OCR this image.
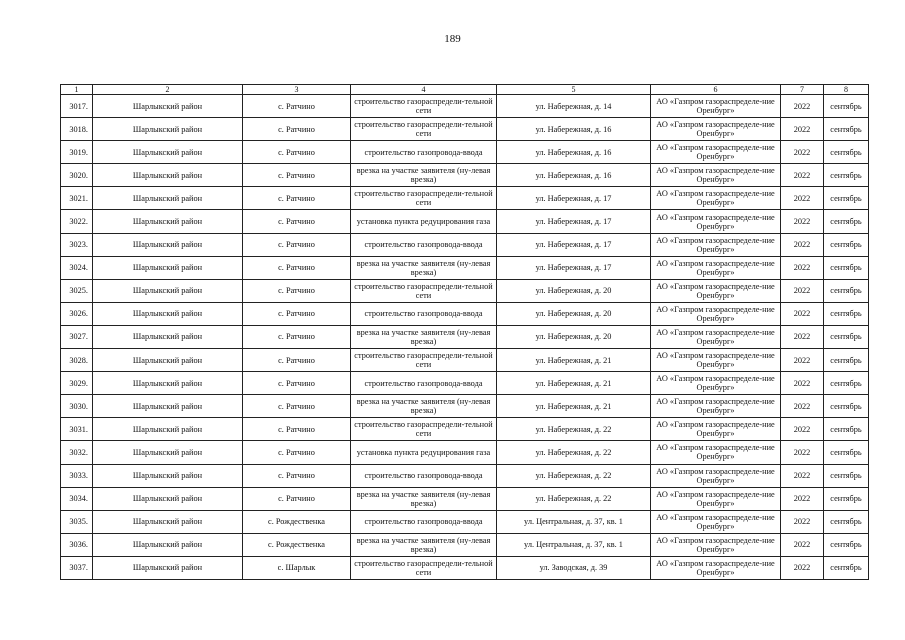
189
1	2	3	4	5	6	7	8
3017.	Шарлыкский район	с. Ратчино	строительство газораспредели-тельной сети	ул. Набережная, д. 14	АО «Газпром газораспределе-ние Оренбург»	2022	сентябрь
3018.	Шарлыкский район	с. Ратчино	строительство газораспредели-тельной сети	ул. Набережная, д. 16	АО «Газпром газораспределе-ние Оренбург»	2022	сентябрь
3019.	Шарлыкский район	с. Ратчино	строительство газопровода-ввода	ул. Набережная, д. 16	АО «Газпром газораспределе-ние Оренбург»	2022	сентябрь
3020.	Шарлыкский район	с. Ратчино	врезка на участке заявителя (ну-левая врезка)	ул. Набережная, д. 16	АО «Газпром газораспределе-ние Оренбург»	2022	сентябрь
3021.	Шарлыкский район	с. Ратчино	строительство газораспредели-тельной сети	ул. Набережная, д. 17	АО «Газпром газораспределе-ние Оренбург»	2022	сентябрь
3022.	Шарлыкский район	с. Ратчино	установка пункта редуцирования газа	ул. Набережная, д. 17	АО «Газпром газораспределе-ние Оренбург»	2022	сентябрь
3023.	Шарлыкский район	с. Ратчино	строительство газопровода-ввода	ул. Набережная, д. 17	АО «Газпром газораспределе-ние Оренбург»	2022	сентябрь
3024.	Шарлыкский район	с. Ратчино	врезка на участке заявителя (ну-левая врезка)	ул. Набережная, д. 17	АО «Газпром газораспределе-ние Оренбург»	2022	сентябрь
3025.	Шарлыкский район	с. Ратчино	строительство газораспредели-тельной сети	ул. Набережная, д. 20	АО «Газпром газораспределе-ние Оренбург»	2022	сентябрь
3026.	Шарлыкский район	с. Ратчино	строительство газопровода-ввода	ул. Набережная, д. 20	АО «Газпром газораспределе-ние Оренбург»	2022	сентябрь
3027.	Шарлыкский район	с. Ратчино	врезка на участке заявителя (ну-левая врезка)	ул. Набережная, д. 20	АО «Газпром газораспределе-ние Оренбург»	2022	сентябрь
3028.	Шарлыкский район	с. Ратчино	строительство газораспредели-тельной сети	ул. Набережная, д. 21	АО «Газпром газораспределе-ние Оренбург»	2022	сентябрь
3029.	Шарлыкский район	с. Ратчино	строительство газопровода-ввода	ул. Набережная, д. 21	АО «Газпром газораспределе-ние Оренбург»	2022	сентябрь
3030.	Шарлыкский район	с. Ратчино	врезка на участке заявителя (ну-левая врезка)	ул. Набережная, д. 21	АО «Газпром газораспределе-ние Оренбург»	2022	сентябрь
3031.	Шарлыкский район	с. Ратчино	строительство газораспредели-тельной сети	ул. Набережная, д. 22	АО «Газпром газораспределе-ние Оренбург»	2022	сентябрь
3032.	Шарлыкский район	с. Ратчино	установка пункта редуцирования газа	ул. Набережная, д. 22	АО «Газпром газораспределе-ние Оренбург»	2022	сентябрь
3033.	Шарлыкский район	с. Ратчино	строительство газопровода-ввода	ул. Набережная, д. 22	АО «Газпром газораспределе-ние Оренбург»	2022	сентябрь
3034.	Шарлыкский район	с. Ратчино	врезка на участке заявителя (ну-левая врезка)	ул. Набережная, д. 22	АО «Газпром газораспределе-ние Оренбург»	2022	сентябрь
3035.	Шарлыкский район	с. Рождественка	строительство газопровода-ввода	ул. Центральная, д. 37, кв. 1	АО «Газпром газораспределе-ние Оренбург»	2022	сентябрь
3036.	Шарлыкский район	с. Рождественка	врезка на участке заявителя (ну-левая врезка)	ул. Центральная, д. 37, кв. 1	АО «Газпром газораспределе-ние Оренбург»	2022	сентябрь
3037.	Шарлыкский район	с. Шарлык	строительство газораспредели-тельной сети	ул. Заводская, д. 39	АО «Газпром газораспределе-ние Оренбург»	2022	сентябрь
